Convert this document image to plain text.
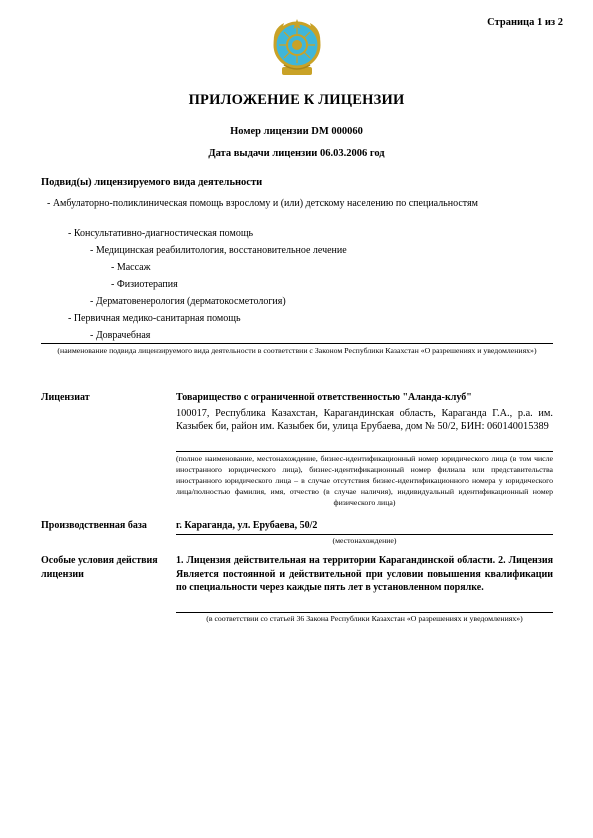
Страница 1 из 2
ПРИЛОЖЕНИЕ К ЛИЦЕНЗИИ
Номер лицензии DM 000060
Дата выдачи лицензии 06.03.2006 год
Подвид(ы) лицензируемого вида деятельности
- Амбулаторно-поликлиническая помощь взрослому и (или) детскому населению по специальностям
- Консультативно-диагностическая помощь
- Медицинская реабилитология, восстановительное лечение
- Массаж
- Физиотерапия
- Дерматовенерология (дерматокосметология)
- Первичная медико-санитарная помощь
- Доврачебная
(наименование подвида лицензируемого вида деятельности в соответствии с Законом Республики Казахстан «О разрешениях и уведомлениях»)
Лицензиат	Товарищество с ограниченной ответственностью "Аланда-клуб"
100017, Республика Казахстан, Карагандинская область, Караганда Г.А., р.а. им. Казыбек би, район им. Казыбек би, улица Ерубаева, дом № 50/2, БИН: 060140015389
(полное наименование, местонахождение, бизнес-идентификационный номер юридического лица (в том числе иностранного юридического лица), бизнес-идентификационный номер филиала или представительства иностранного юридического лица – в случае отсутствия бизнес-идентификационного номера у юридического лица/полностью фамилия, имя, отчество (в случае наличия), индивидуальный идентификационный номер физического лица)
Производственная база	г. Караганда, ул. Ерубаева, 50/2
(местонахождение)
Особые условия действия лицензии
1. Лицензия действительная на территории Карагандинской области. 2. Лицензия Является постоянной и действительной при условии повышения квалификации по специальности через каждые пять лет в установленном порялке.
(в соответствии со статьей 36 Закона Республики Казахстан «О разрешениях и уведомлениях»)
